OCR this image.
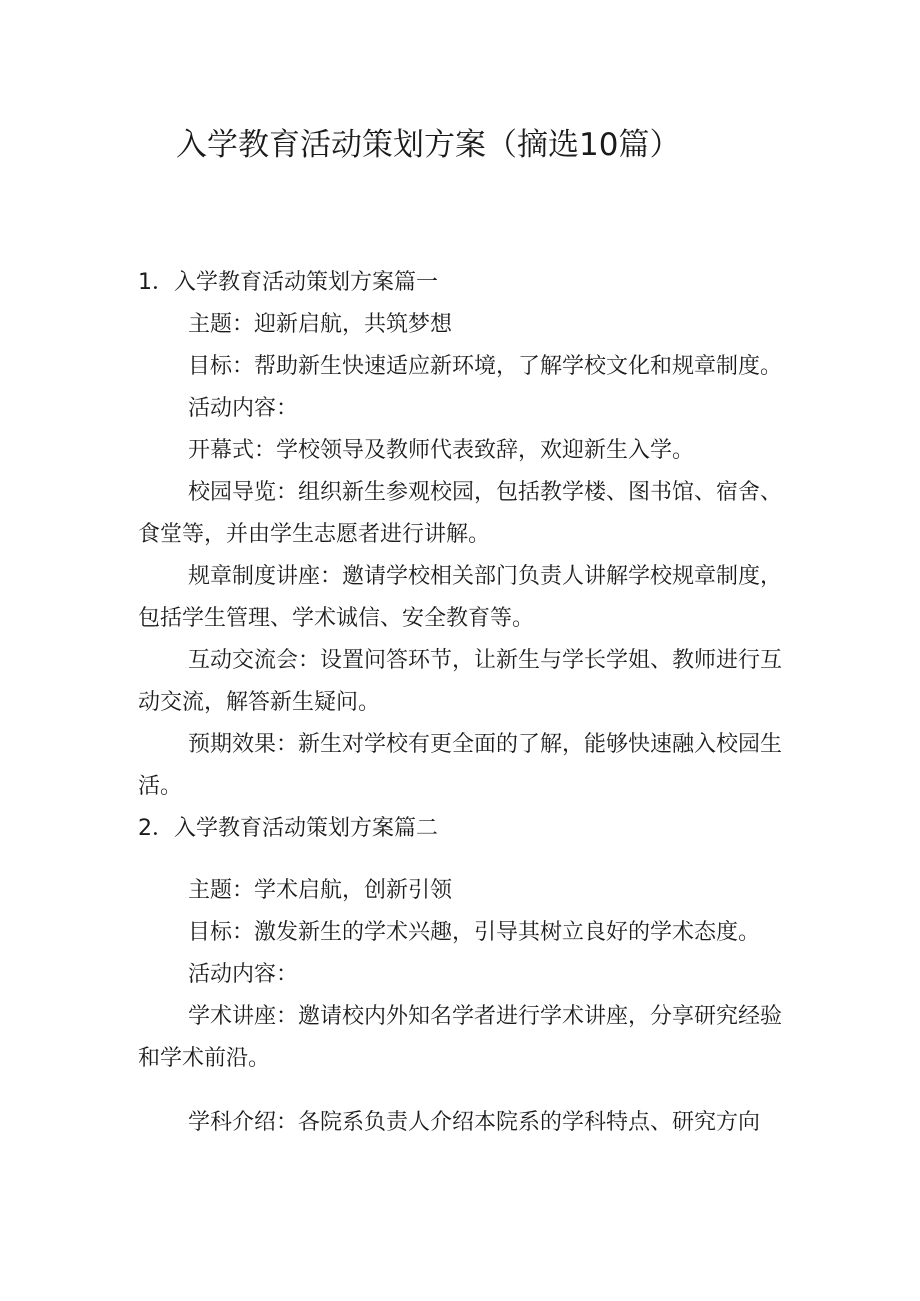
入学教育活动策划方案（摘选10篇）

1．入学教育活动策划方案篇一

主题：迎新启航，共筑梦想

目标：帮助新生快速适应新环境，了解学校文化和规章制度。

活动内容：

开幕式：学校领导及教师代表致辞，欢迎新生入学。

校园导览：组织新生参观校园，包括教学楼、图书馆、宿舍、食堂等，并由学生志愿者进行讲解。

规章制度讲座：邀请学校相关部门负责人讲解学校规章制度，包括学生管理、学术诚信、安全教育等。

互动交流会：设置问答环节，让新生与学长学姐、教师进行互动交流，解答新生疑问。

预期效果：新生对学校有更全面的了解，能够快速融入校园生活。

2．入学教育活动策划方案篇二

主题：学术启航，创新引领

目标：激发新生的学术兴趣，引导其树立良好的学术态度。

活动内容：

学术讲座：邀请校内外知名学者进行学术讲座，分享研究经验和学术前沿。

学科介绍：各院系负责人介绍本院系的学科特点、研究方向
